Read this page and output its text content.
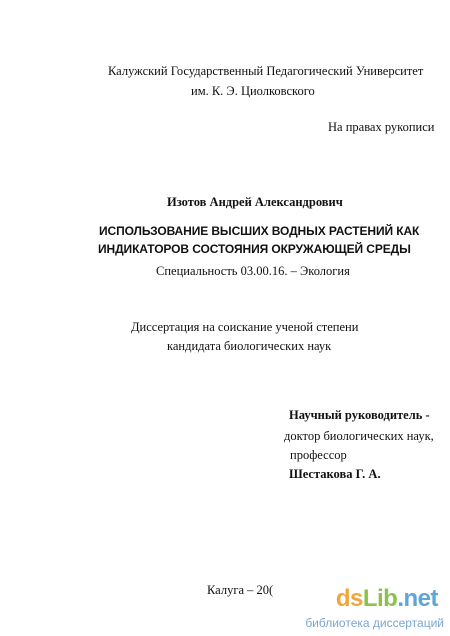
Калужский Государственный Педагогический Университет
им. К. Э. Циолковского
На правах рукописи
Изотов Андрей Александрович
ИСПОЛЬЗОВАНИЕ ВЫСШИХ ВОДНЫХ РАСТЕНИЙ КАК
ИНДИКАТОРОВ СОСТОЯНИЯ ОКРУЖАЮЩЕЙ СРЕДЫ
Специальность 03.00.16. – Экология
Диссертация на соискание ученой степени
кандидата биологических наук
Научный руководитель -
доктор биологических наук,
профессор
Шестакова Г. А.
Калуга – 20(	dsLib.net
библиотека диссертаций
